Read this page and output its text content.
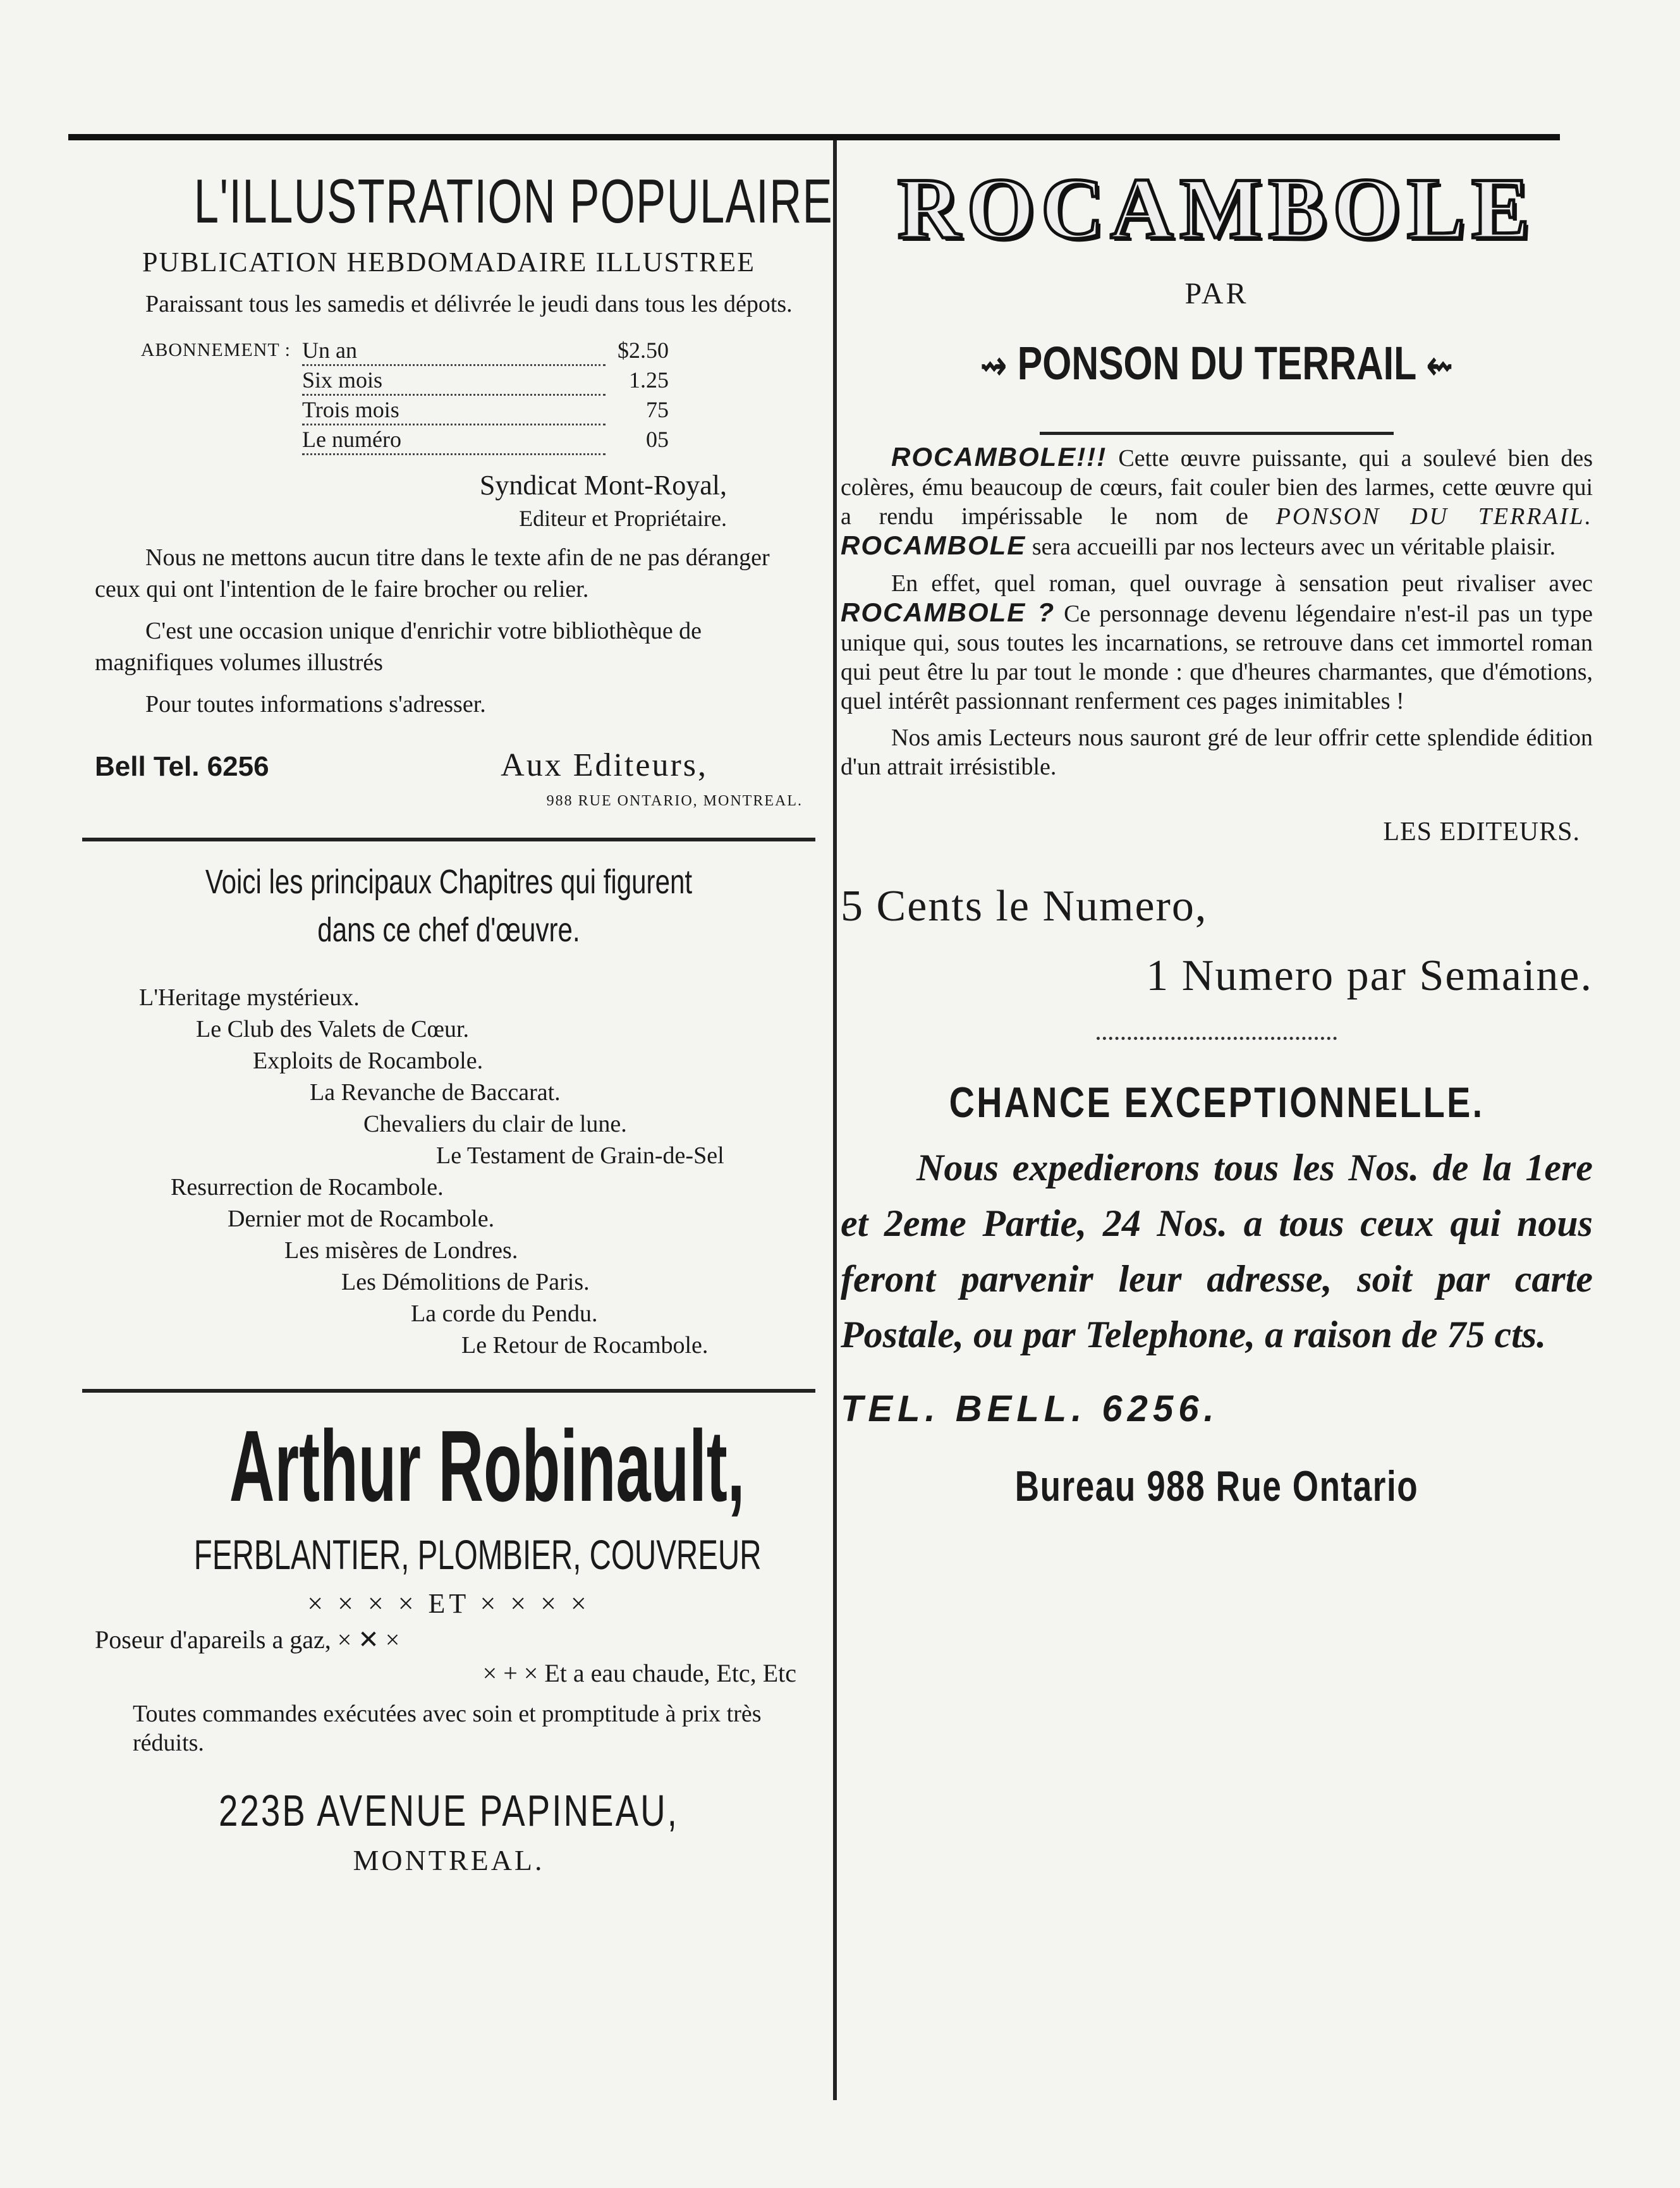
L'ILLUSTRATION POPULAIRE
PUBLICATION HEBDOMADAIRE ILLUSTREE
Paraissant tous les samedis et délivrée le jeudi dans tous les dépots.
ABONNEMENT : Un an	$2.50
Six mois	1.25
Trois mois	75
Le numéro	05
Syndicat Mont-Royal,
Editeur et Propriétaire.
Nous ne mettons aucun titre dans le texte afin de ne pas déranger ceux qui ont l'intention de le faire brocher ou relier.
C'est une occasion unique d'enrichir votre bibliothèque de magnifiques volumes illustrés
Pour toutes informations s'adresser.
Bell Tel. 6256	Aux Editeurs,
988 RUE ONTARIO, MONTREAL.
Voici les principaux Chapitres qui figurent
dans ce chef d'œuvre.
L'Heritage mystérieux.
Le Club des Valets de Cœur.
Exploits de Rocambole.
La Revanche de Baccarat.
Chevaliers du clair de lune.
Le Testament de Grain-de-Sel
Resurrection de Rocambole.
Dernier mot de Rocambole.
Les misères de Londres.
Les Démolitions de Paris.
La corde du Pendu.
Le Retour de Rocambole.
Arthur Robinault,
FERBLANTIER, PLOMBIER, COUVREUR
× × × × ET × × × ×
Poseur d'apareils a gaz, × ✕ ×
× + × Et a eau chaude, Etc, Etc
Toutes commandes exécutées avec soin et promptitude à prix très réduits.
223B AVENUE PAPINEAU,
MONTREAL.
ROCAMBOLE
PAR
⇝ PONSON DU TERRAIL ⇜
ROCAMBOLE!!! Cette œuvre puissante, qui a soulevé bien des colères, ému beaucoup de cœurs, fait couler bien des larmes, cette œuvre qui a rendu impérissable le nom de PONSON DU TERRAIL. ROCAMBOLE sera accueilli par nos lecteurs avec un véritable plaisir.
En effet, quel roman, quel ouvrage à sensation peut rivaliser avec ROCAMBOLE ? Ce personnage devenu légendaire n'est-il pas un type unique qui, sous toutes les incarnations, se retrouve dans cet immortel roman qui peut être lu par tout le monde : que d'heures charmantes, que d'émotions, quel intérêt passionnant renferment ces pages inimitables !
Nos amis Lecteurs nous sauront gré de leur offrir cette splendide édition d'un attrait irrésistible.
LES EDITEURS.
5 Cents le Numero,
1 Numero par Semaine.
CHANCE EXCEPTIONNELLE.
Nous expedierons tous les Nos. de la 1ere et 2eme Partie, 24 Nos. a tous ceux qui nous feront parvenir leur adresse, soit par carte Postale, ou par Telephone, a raison de 75 cts.
TEL. BELL. 6256.
Bureau 988 Rue Ontario
